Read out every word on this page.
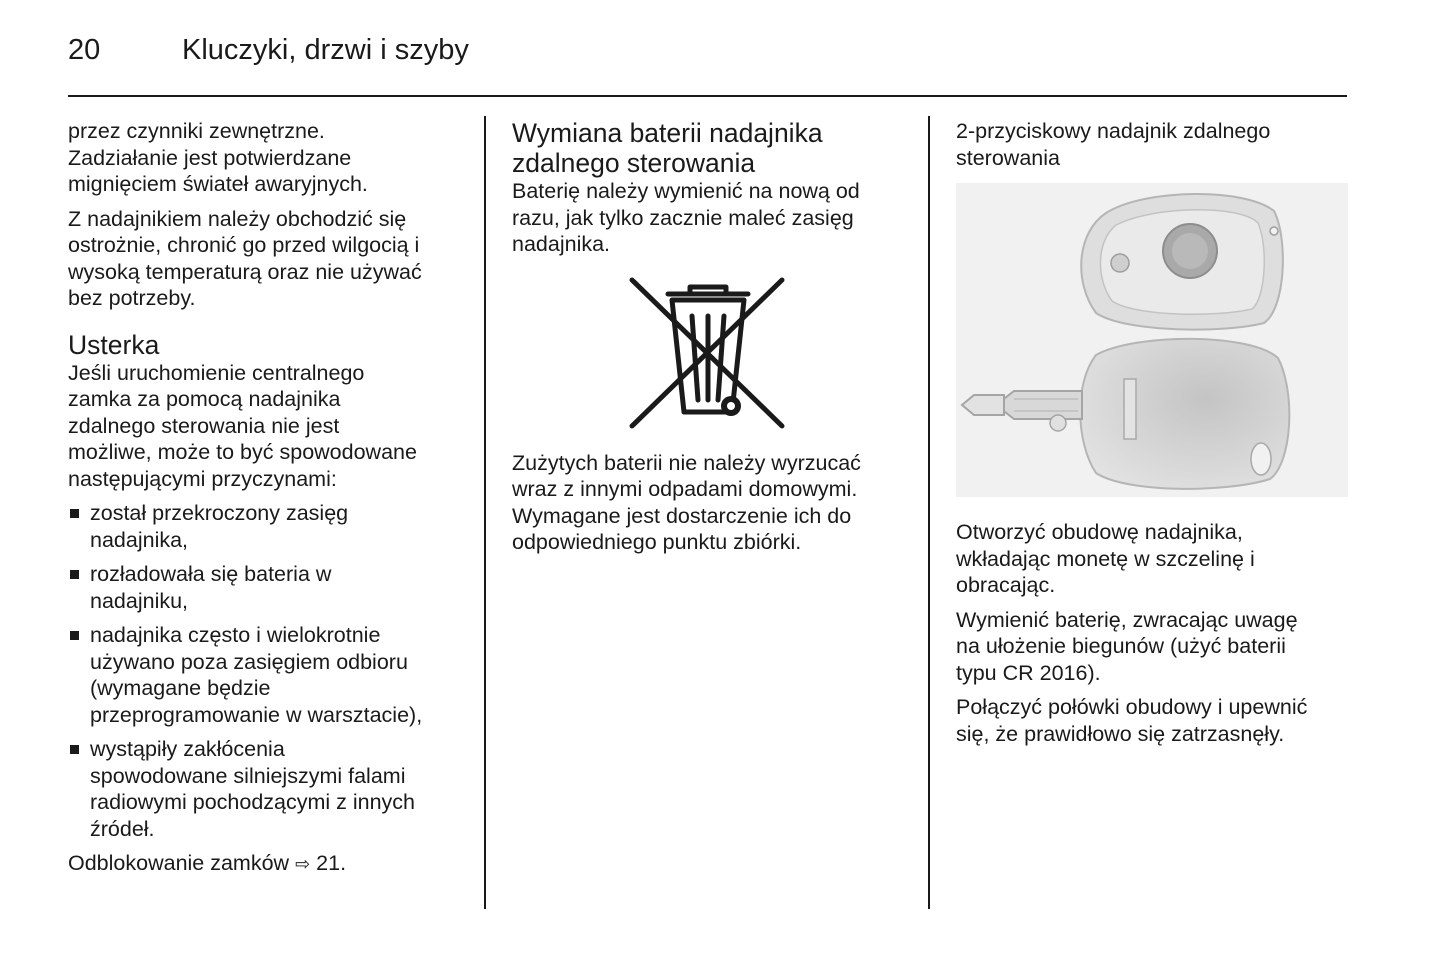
20	Kluczyki, drzwi i szyby

przez czynniki zewnętrzne.
Zadziałanie jest potwierdzane
mignięciem świateł awaryjnych.

Z nadajnikiem należy obchodzić się
ostrożnie, chronić go przed wilgocią i
wysoką temperaturą oraz nie używać
bez potrzeby.

Usterka

Jeśli uruchomienie centralnego
zamka za pomocą nadajnika
zdalnego sterowania nie jest
możliwe, może to być spowodowane
następującymi przyczynami:

został przekroczony zasięg
nadajnika,
rozładowała się bateria w
nadajniku,
nadajnika często i wielokrotnie
używano poza zasięgiem odbioru
(wymagane będzie
przeprogramowanie w warsztacie),
wystąpiły zakłócenia
spowodowane silniejszymi falami
radiowymi pochodzącymi z innych
źródeł.

Odblokowanie zamków ⇨ 21.

Wymiana baterii nadajnika
zdalnego sterowania

Baterię należy wymienić na nową od
razu, jak tylko zacznie maleć zasięg
nadajnika.

Zużytych baterii nie należy wyrzucać
wraz z innymi odpadami domowymi.
Wymagane jest dostarczenie ich do
odpowiedniego punktu zbiórki.

2-przyciskowy nadajnik zdalnego
sterowania

Otworzyć obudowę nadajnika,
wkładając monetę w szczelinę i
obracając.

Wymienić baterię, zwracając uwagę
na ułożenie biegunów (użyć baterii
typu CR 2016).

Połączyć połówki obudowy i upewnić
się, że prawidłowo się zatrzasnęły.
